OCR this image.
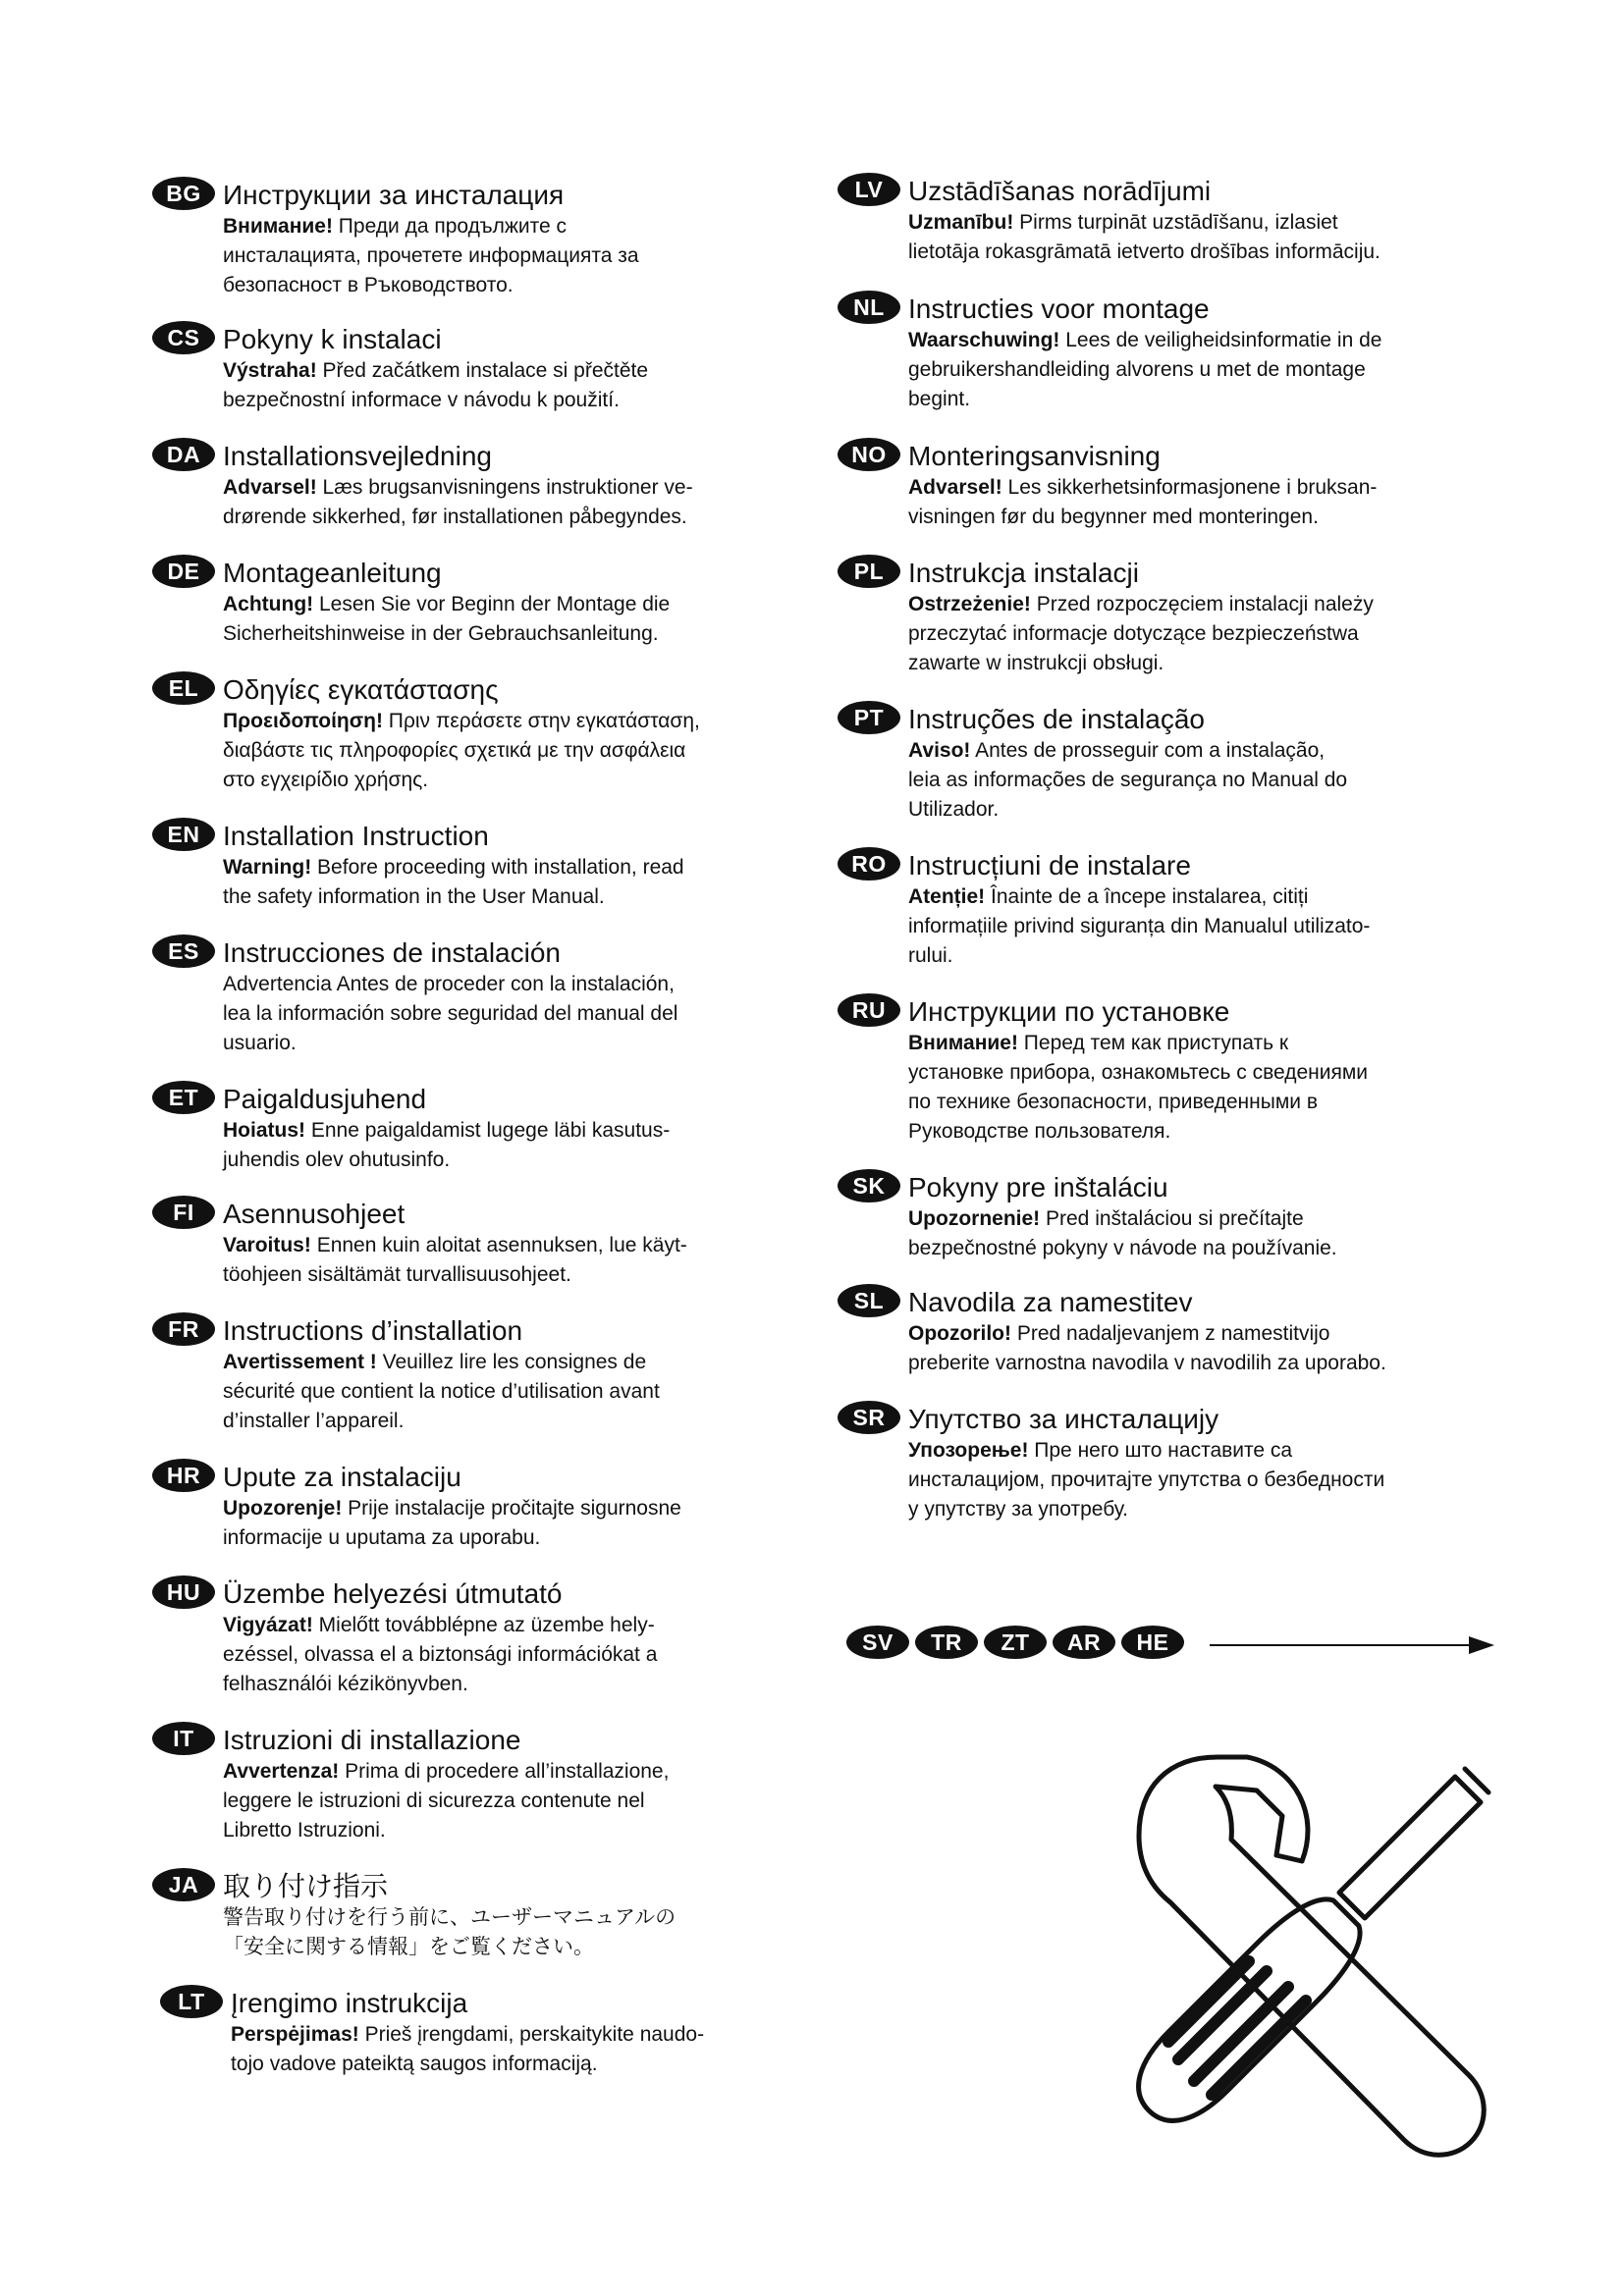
BG Инструкции за инсталация

Внимание! Преди да продължите с
инсталацията, прочетете информацията за
безопасност в Ръководството.

CS Pokyny k instalaci

Výstraha! Před začátkem instalace si přečtěte
bezpečnostní informace v návodu k použití.

DA Installationsvejledning

Advarsel! Læs brugsanvisningens instruktioner ve-
drørende sikkerhed, før installationen påbegyndes.

DE Montageanleitung

Achtung! Lesen Sie vor Beginn der Montage die
Sicherheitshinweise in der Gebrauchsanleitung.

EL Οδηγίες εγκατάστασης

Προειδοποίηση! Πριν περάσετε στην εγκατάσταση,
διαβάστε τις πληροφορίες σχετικά με την ασφάλεια
στο εγχειρίδιο χρήσης.

EN Installation Instruction

Warning! Before proceeding with installation, read
the safety information in the User Manual.

ES Instrucciones de instalación

Advertencia Antes de proceder con la instalación,
lea la información sobre seguridad del manual del
usuario.

ET Paigaldusjuhend

Hoiatus! Enne paigaldamist lugege läbi kasutus-
juhendis olev ohutusinfo.

FI	Asennusohjeet

Varoitus! Ennen kuin aloitat asennuksen, lue käyt-
töohjeen sisältämät turvallisuusohjeet.

FR Instructions d’installation

Avertissement ! Veuillez lire les consignes de
sécurité que contient la notice d’utilisation avant
d’installer l’appareil.

HR Upute za instalaciju

Upozorenje! Prije instalacije pročitajte sigurnosne
informacije u uputama za uporabu.

HU Üzembe helyezési útmutató

Vigyázat! Mielőtt továbblépne az üzembe hely-
ezéssel, olvassa el a biztonsági információkat a
felhasználói kézikönyvben.

IT	Istruzioni di installazione

Avvertenza! Prima di procedere all’installazione,
leggere le istruzioni di sicurezza contenute nel
Libretto Istruzioni.

JA 取り付け指示

警告取り付けを行う前に、ユーザーマニュアルの
「安全に関する情報」をご覧ください。

LT Įrengimo instrukcija

Perspėjimas! Prieš įrengdami, perskaitykite naudo-
tojo vadove pateiktą saugos informaciją.

LV Uzstādīšanas norādījumi

Uzmanību! Pirms turpināt uzstādīšanu, izlasiet
lietotāja rokasgrāmatā ietverto drošības informāciju.

NL Instructies voor montage

Waarschuwing! Lees de veiligheidsinformatie in de
gebruikershandleiding alvorens u met de montage
begint.

NO Monteringsanvisning

Advarsel! Les sikkerhetsinformasjonene i bruksan-
visningen før du begynner med monteringen.

PL Instrukcja instalacji

Ostrzeżenie! Przed rozpoczęciem instalacji należy
przeczytać informacje dotyczące bezpieczeństwa
zawarte w instrukcji obsługi.

PT Instruções de instalação

Aviso! Antes de prosseguir com a instalação,
leia as informações de segurança no Manual do
Utilizador.

RO Instrucțiuni de instalare

Atenție! Înainte de a începe instalarea, citiți
informațiile privind siguranța din Manualul utilizato-
rului.

RU Инструкции по установке

Внимание! Перед тем как приступать к
установке прибора, ознакомьтесь с сведениями
по технике безопасности, приведенными в
Руководстве пользователя.

SK Pokyny pre inštaláciu

Upozornenie! Pred inštaláciou si prečítajte
bezpečnostné pokyny v návode na používanie.

SL Navodila za namestitev

Opozorilo! Pred nadaljevanjem z namestitvijo
preberite varnostna navodila v navodilih za uporabo.

SR Упутство за инсталацију

Упозорење! Пре него што наставите са
инсталацијом, прочитајте упутства о безбедности
у упутству за употребу.

SV	TR	ZT	AR	HE
